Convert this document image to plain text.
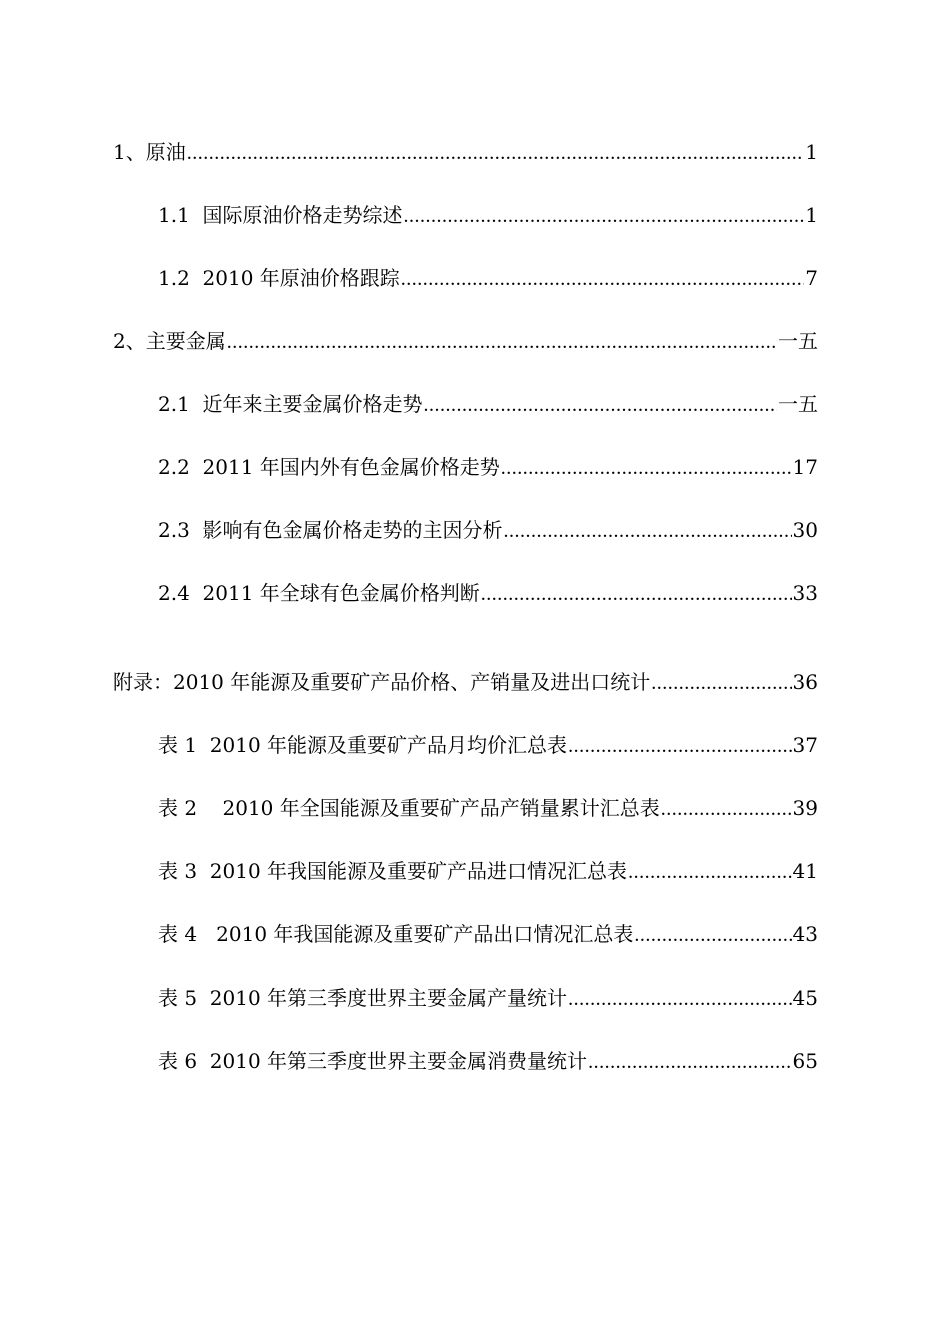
1、原油 .....	1
1.1  国际原油价格走势综述 .....	1
1.2  2010 年原油价格跟踪 .....	7
2、主要金属 .....	一五
2.1  近年来主要金属价格走势 .....	一五
2.2  2011 年国内外有色金属价格走势 .....	17
2.3  影响有色金属价格走势的主因分析 .....	30
2.4  2011 年全球有色金属价格判断 .....	33
附录：2010 年能源及重要矿产品价格、产销量及进出口统计 .....	36
表 1  2010 年能源及重要矿产品月均价汇总表 .....	37
表 2    2010 年全国能源及重要矿产品产销量累计汇总表 .....	39
表 3  2010 年我国能源及重要矿产品进口情况汇总表 .....	41
表 4   2010 年我国能源及重要矿产品出口情况汇总表 .....	43
表 5  2010 年第三季度世界主要金属产量统计 .....	45
表 6  2010 年第三季度世界主要金属消费量统计 .....	65
